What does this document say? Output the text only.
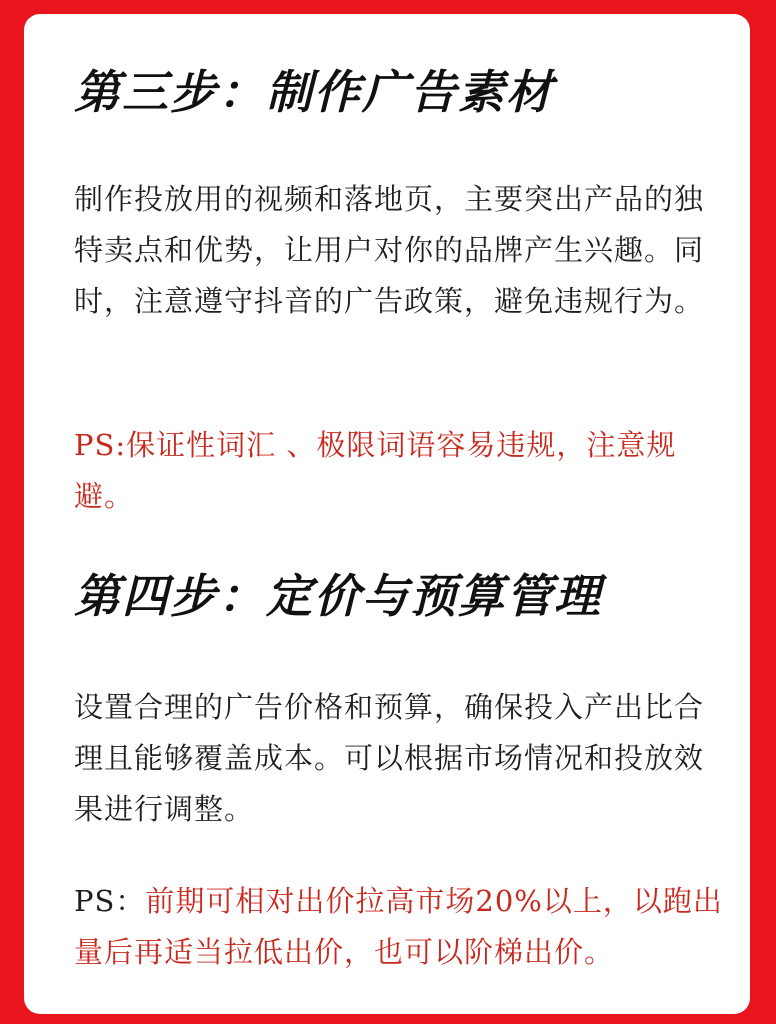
第三步：制作广告素材

制作投放用的视频和落地页，主要突出产品的独特卖点和优势，让用户对你的品牌产生兴趣。同时，注意遵守抖音的广告政策，避免违规行为。

PS:保证性词汇 、极限词语容易违规，注意规避。

第四步：定价与预算管理

设置合理的广告价格和预算，确保投入产出比合理且能够覆盖成本。可以根据市场情况和投放效果进行调整。

PS：前期可相对出价拉高市场20%以上，以跑出量后再适当拉低出价，也可以阶梯出价。
